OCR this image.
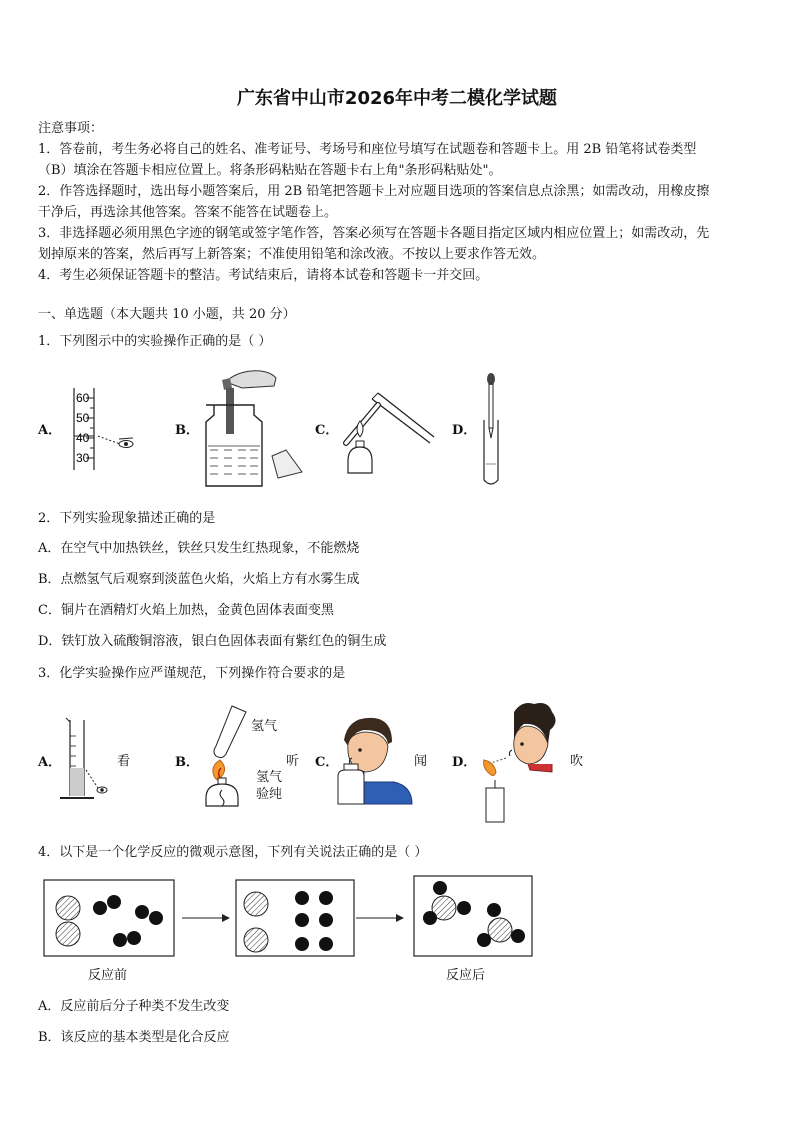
广东省中山市2026年中考二模化学试题
注意事项：
1．答卷前，考生务必将自己的姓名、准考证号、考场号和座位号填写在试题卷和答题卡上。用 2B 铅笔将试卷类型
（B）填涂在答题卡相应位置上。将条形码粘贴在答题卡右上角"条形码粘贴处"。
2．作答选择题时，选出每小题答案后，用 2B 铅笔把答题卡上对应题目选项的答案信息点涂黑；如需改动，用橡皮擦
干净后，再选涂其他答案。答案不能答在试题卷上。
3．非选择题必须用黑色字迹的钢笔或签字笔作答，答案必须写在答题卡各题目指定区域内相应位置上；如需改动，先
划掉原来的答案，然后再写上新答案；不准使用铅笔和涂改液。不按以上要求作答无效。
4．考生必须保证答题卡的整洁。考试结束后，请将本试卷和答题卡一并交回。
一、单选题（本大题共 10 小题，共 20 分）
1．下列图示中的实验操作正确的是（ ）
A．	B．	C．	D．
60
50
40
30
2．下列实验现象描述正确的是
A．在空气中加热铁丝，铁丝只发生红热现象，不能燃烧
B．点燃氢气后观察到淡蓝色火焰，火焰上方有水雾生成
C．铜片在酒精灯火焰上加热，金黄色固体表面变黑
D．铁钉放入硫酸铜溶液，银白色固体表面有紫红色的铜生成
3．化学实验操作应严谨规范，下列操作符合要求的是
A．	B．	C．	D．
看	听	闻	吹
氢气
氢气
验纯
4．以下是一个化学反应的微观示意图，下列有关说法正确的是（ ）
反应前	反应后
A．反应前后分子种类不发生改变
B．该反应的基本类型是化合反应
